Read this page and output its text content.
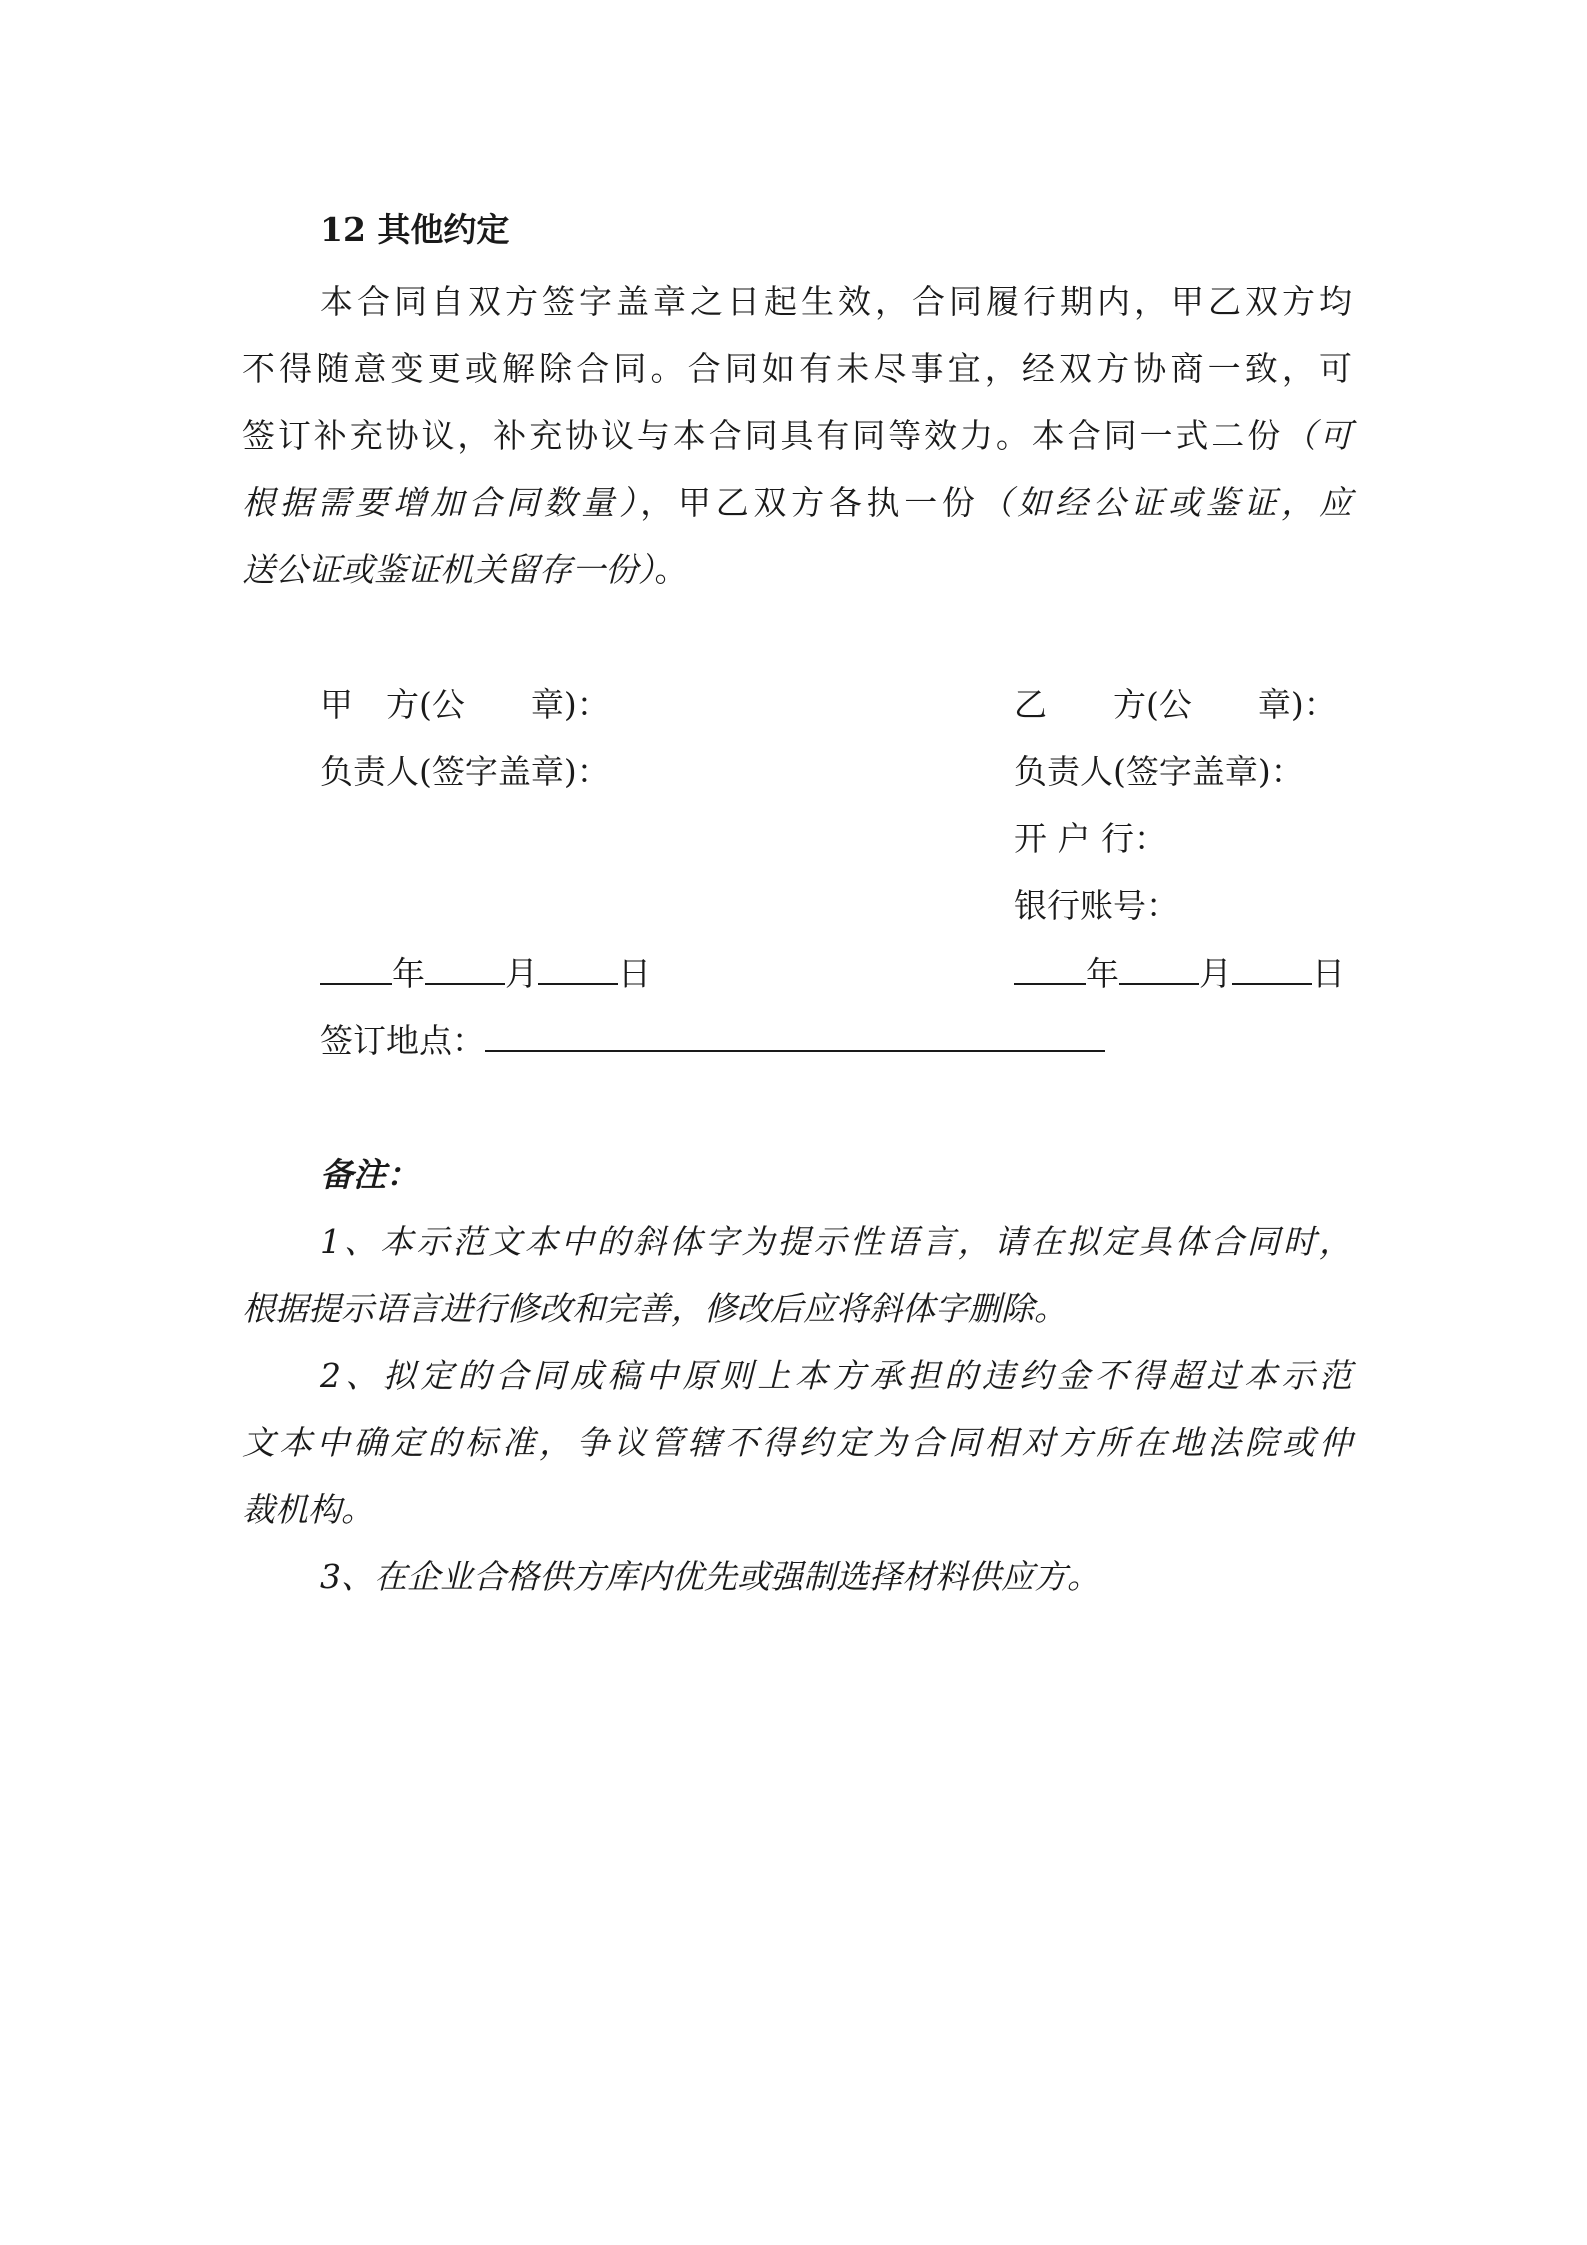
12 其他约定
本合同自双方签字盖章之日起生效，合同履行期内，甲乙双方均
不得随意变更或解除合同。合同如有未尽事宜，经双方协商一致，可
签订补充协议，补充协议与本合同具有同等效力。本合同一式二份（可
根据需要增加合同数量），甲乙双方各执一份（如经公证或鉴证，应
送公证或鉴证机关留存一份）。
甲　方(公　　章)：
负责人(签字盖章)：
年 月 日
乙　　方(公　　章)：
负责人(签字盖章)：
开 户 行：
银行账号：
年 月 日
签订地点：
备注：
1、本示范文本中的斜体字为提示性语言，请在拟定具体合同时，
根据提示语言进行修改和完善，修改后应将斜体字删除。
2、拟定的合同成稿中原则上本方承担的违约金不得超过本示范
文本中确定的标准，争议管辖不得约定为合同相对方所在地法院或仲
裁机构。
3、在企业合格供方库内优先或强制选择材料供应方。
